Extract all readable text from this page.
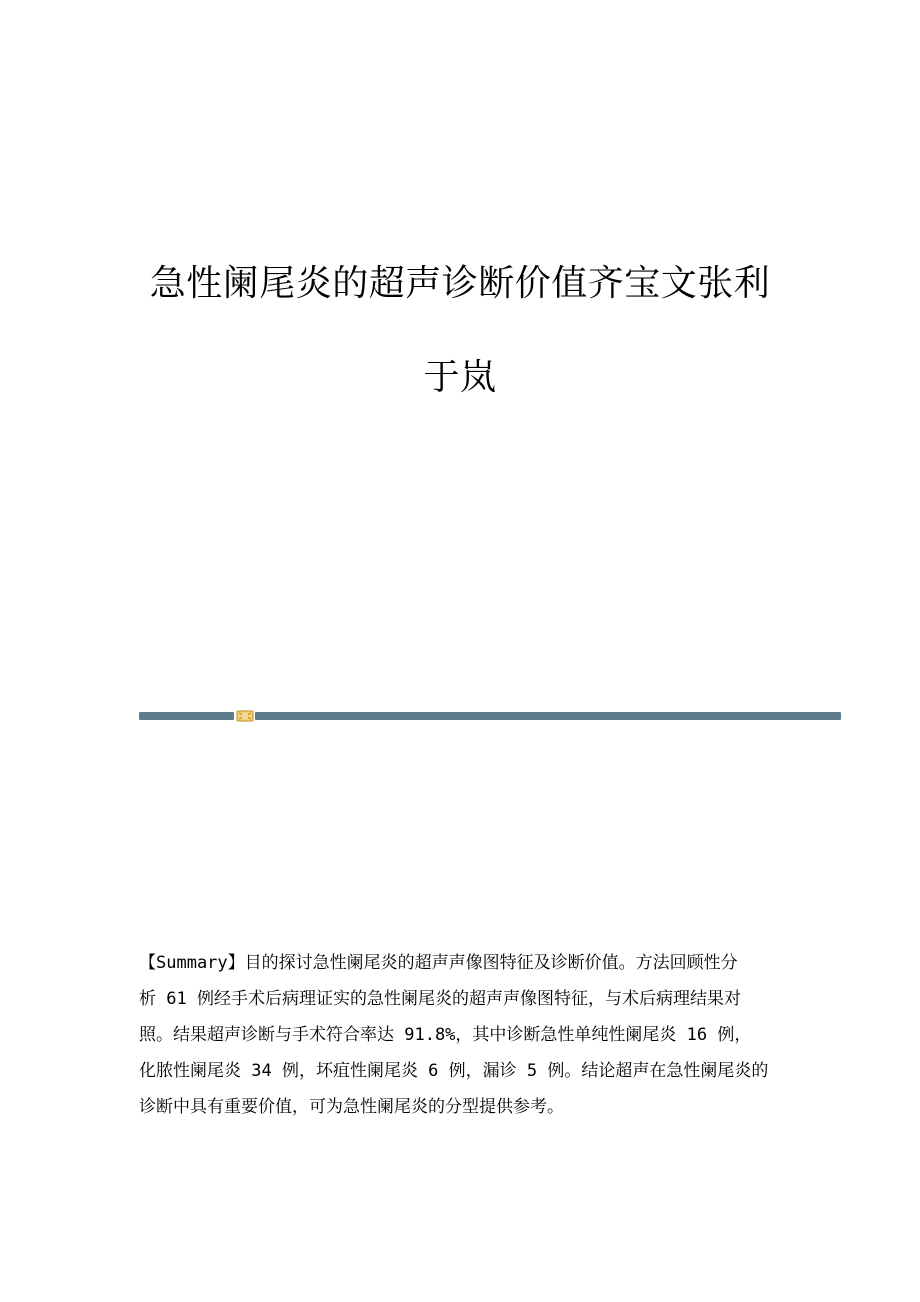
急性阑尾炎的超声诊断价值齐宝文张利
于岚
【Summary】目的探讨急性阑尾炎的超声声像图特征及诊断价值。方法回顾性分
析 61 例经手术后病理证实的急性阑尾炎的超声声像图特征，与术后病理结果对
照。结果超声诊断与手术符合率达 91.8%，其中诊断急性单纯性阑尾炎 16 例，
化脓性阑尾炎 34 例，坏疽性阑尾炎 6 例，漏诊 5 例。结论超声在急性阑尾炎的
诊断中具有重要价值，可为急性阑尾炎的分型提供参考。
